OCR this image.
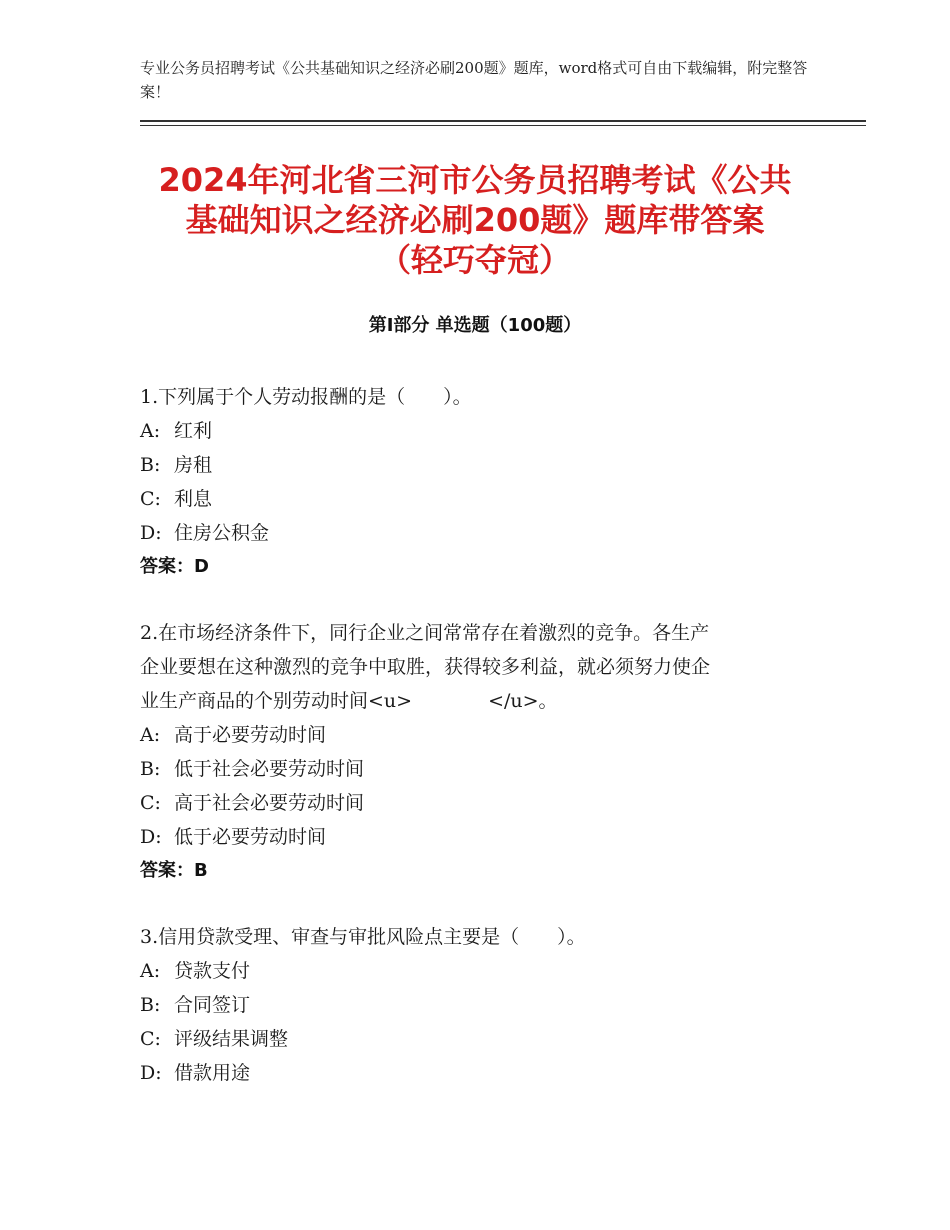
专业公务员招聘考试《公共基础知识之经济必刷200题》题库，word格式可自由下载编辑，附完整答案！
2024年河北省三河市公务员招聘考试《公共
基础知识之经济必刷200题》题库带答案
（轻巧夺冠）
第Ⅰ部分 单选题（100题）
1.下列属于个人劳动报酬的是（　　）。
A: 红利
B: 房租
C: 利息
D: 住房公积金
答案：D
2.在市场经济条件下，同行企业之间常常存在着激烈的竞争。各生产
企业要想在这种激烈的竞争中取胜，获得较多利益，就必须努力使企
业生产商品的个别劳动时间<u>　　　　</u>。
A: 高于必要劳动时间
B: 低于社会必要劳动时间
C: 高于社会必要劳动时间
D: 低于必要劳动时间
答案：B
3.信用贷款受理、审查与审批风险点主要是（　　）。
A: 贷款支付
B: 合同签订
C: 评级结果调整
D: 借款用途
